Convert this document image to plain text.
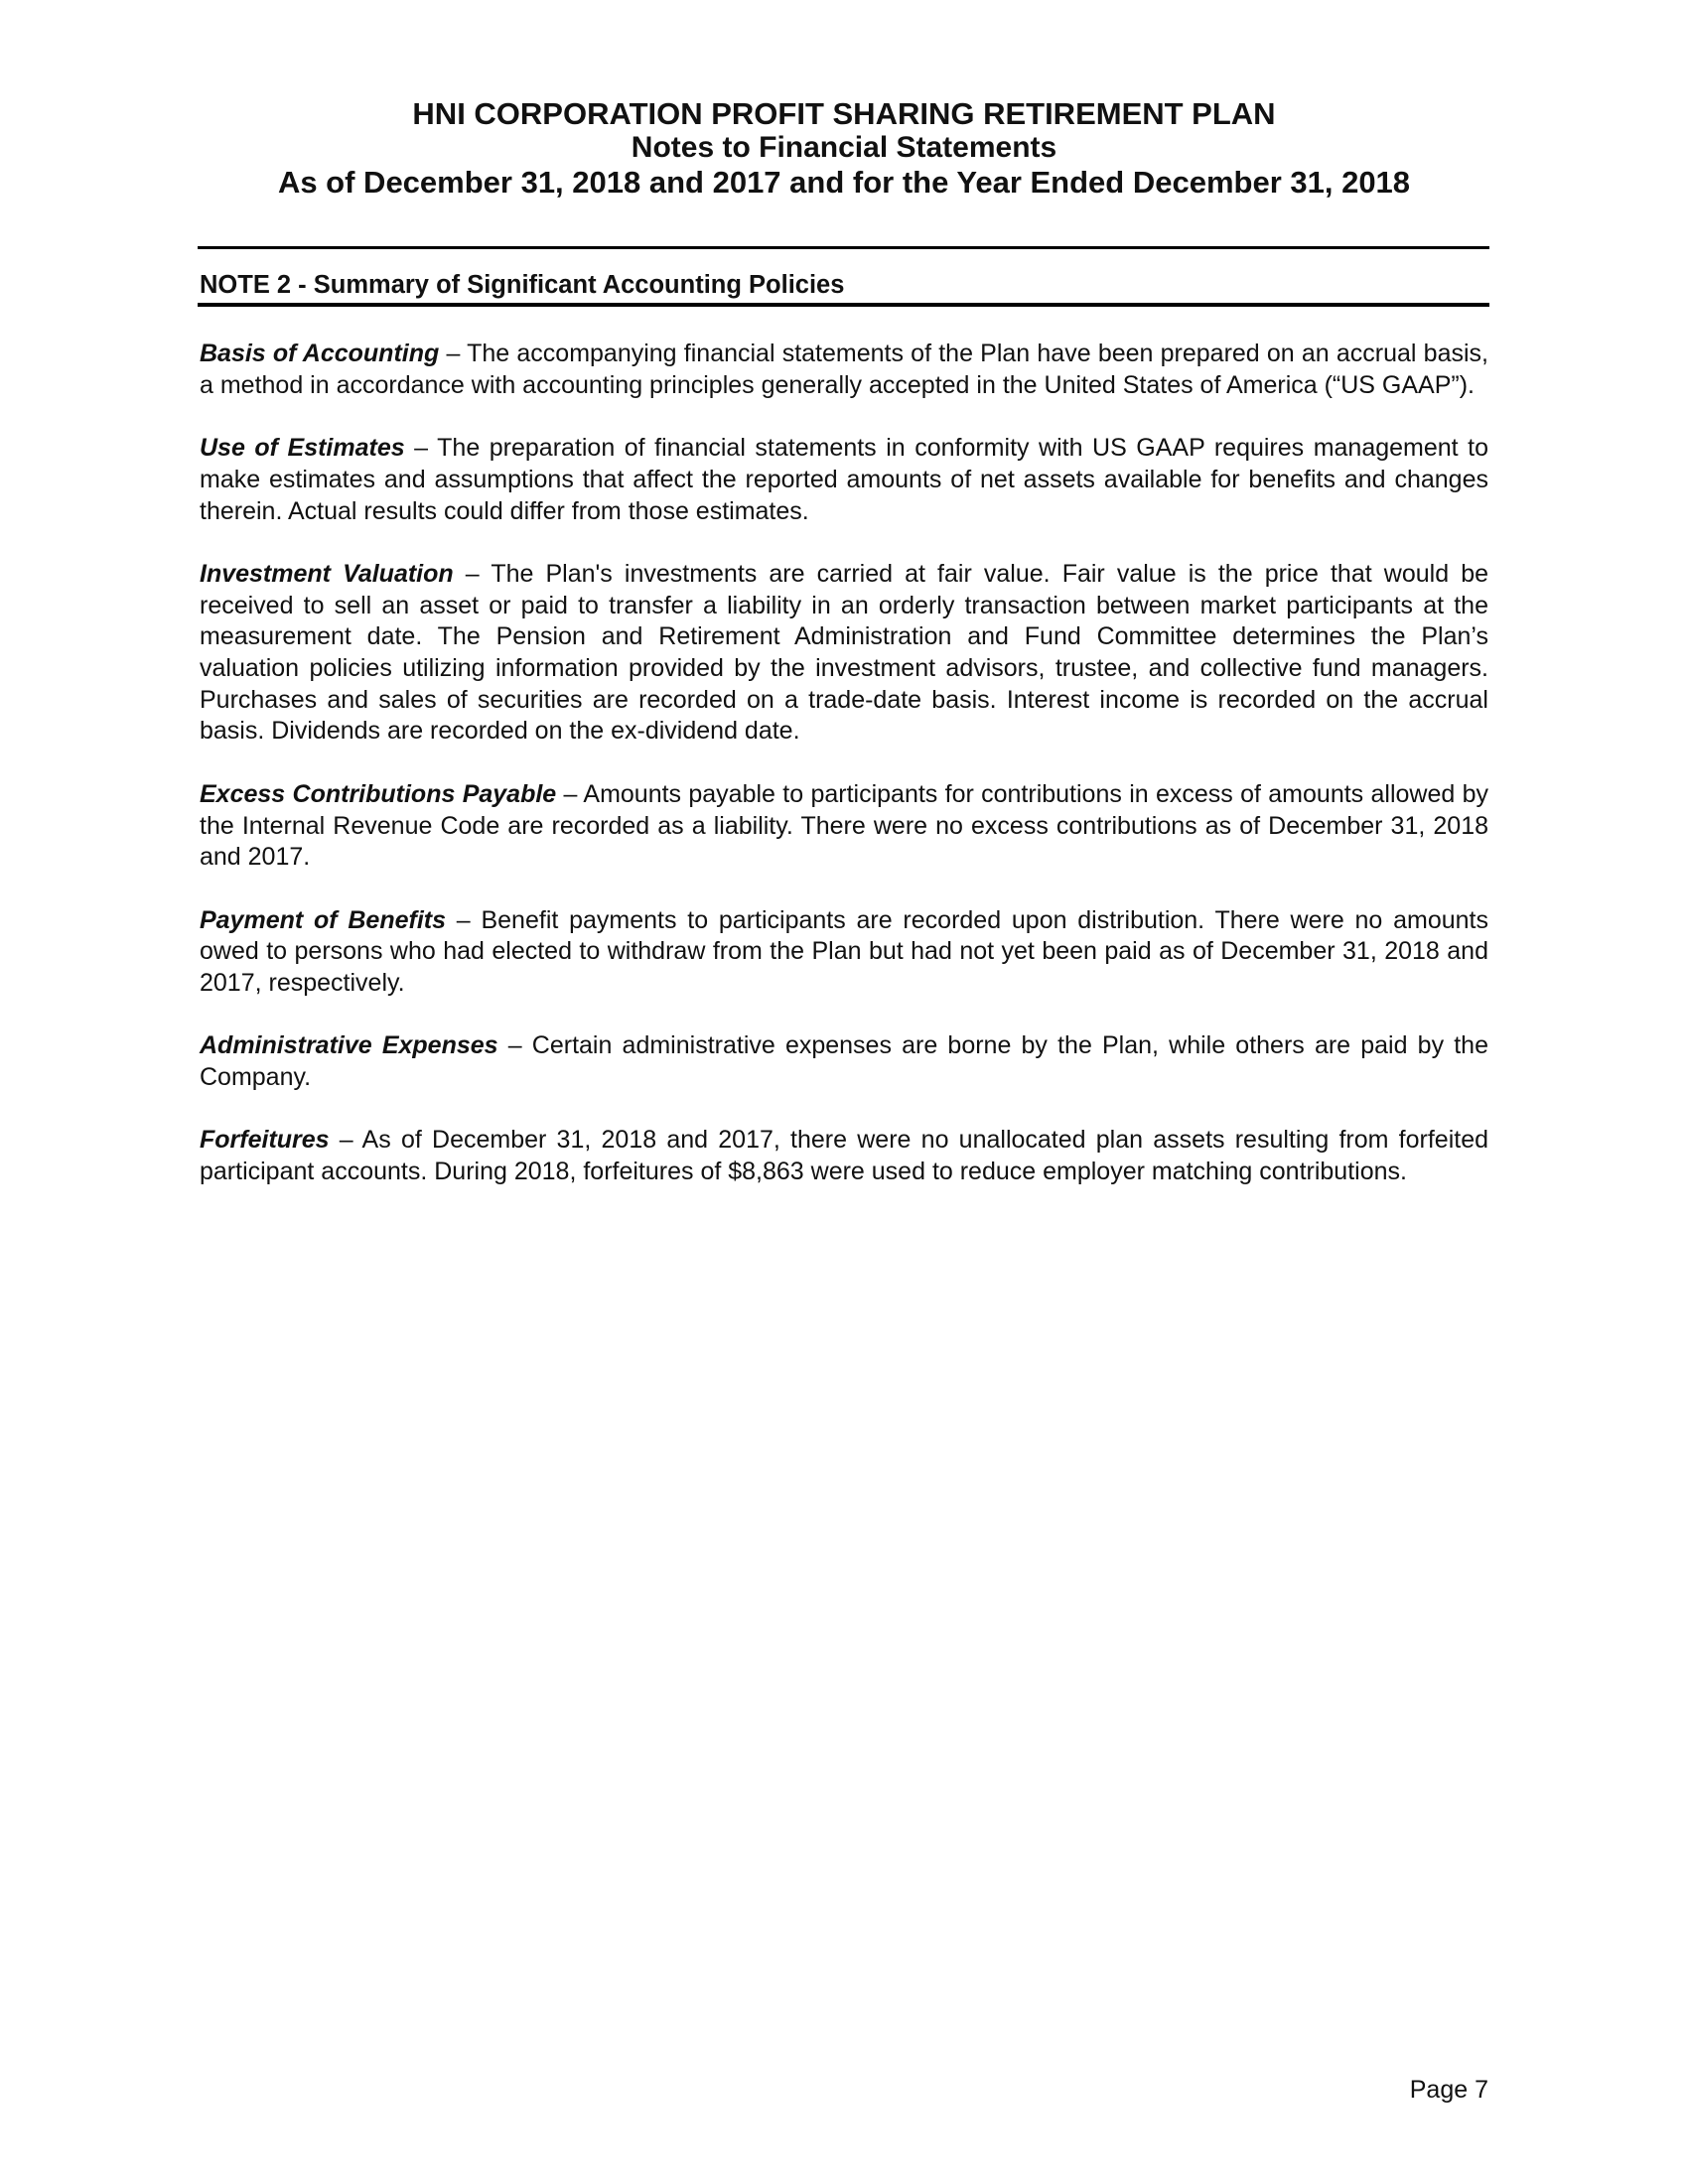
HNI CORPORATION PROFIT SHARING RETIREMENT PLAN

Notes to Financial Statements

As of December 31, 2018 and 2017 and for the Year Ended December 31, 2018

NOTE 2 - Summary of Significant Accounting Policies

Basis of Accounting – The accompanying financial statements of the Plan have been prepared on an accrual basis, a method in accordance with accounting principles generally accepted in the United States of America (“US GAAP”).

Use of Estimates – The preparation of financial statements in conformity with US GAAP requires management to make estimates and assumptions that affect the reported amounts of net assets available for benefits and changes therein. Actual results could differ from those estimates.

Investment Valuation – The Plan's investments are carried at fair value. Fair value is the price that would be received to sell an asset or paid to transfer a liability in an orderly transaction between market participants at the measurement date. The Pension and Retirement Administration and Fund Committee determines the Plan’s valuation policies utilizing information provided by the investment advisors, trustee, and collective fund managers. Purchases and sales of securities are recorded on a trade-date basis. Interest income is recorded on the accrual basis. Dividends are recorded on the ex-dividend date.

Excess Contributions Payable – Amounts payable to participants for contributions in excess of amounts allowed by the Internal Revenue Code are recorded as a liability. There were no excess contributions as of December 31, 2018 and 2017.

Payment of Benefits – Benefit payments to participants are recorded upon distribution. There were no amounts owed to persons who had elected to withdraw from the Plan but had not yet been paid as of December 31, 2018 and 2017, respectively.

Administrative Expenses – Certain administrative expenses are borne by the Plan, while others are paid by the Company.

Forfeitures – As of December 31, 2018 and 2017, there were no unallocated plan assets resulting from forfeited participant accounts. During 2018, forfeitures of $8,863 were used to reduce employer matching contributions.

Page 7
